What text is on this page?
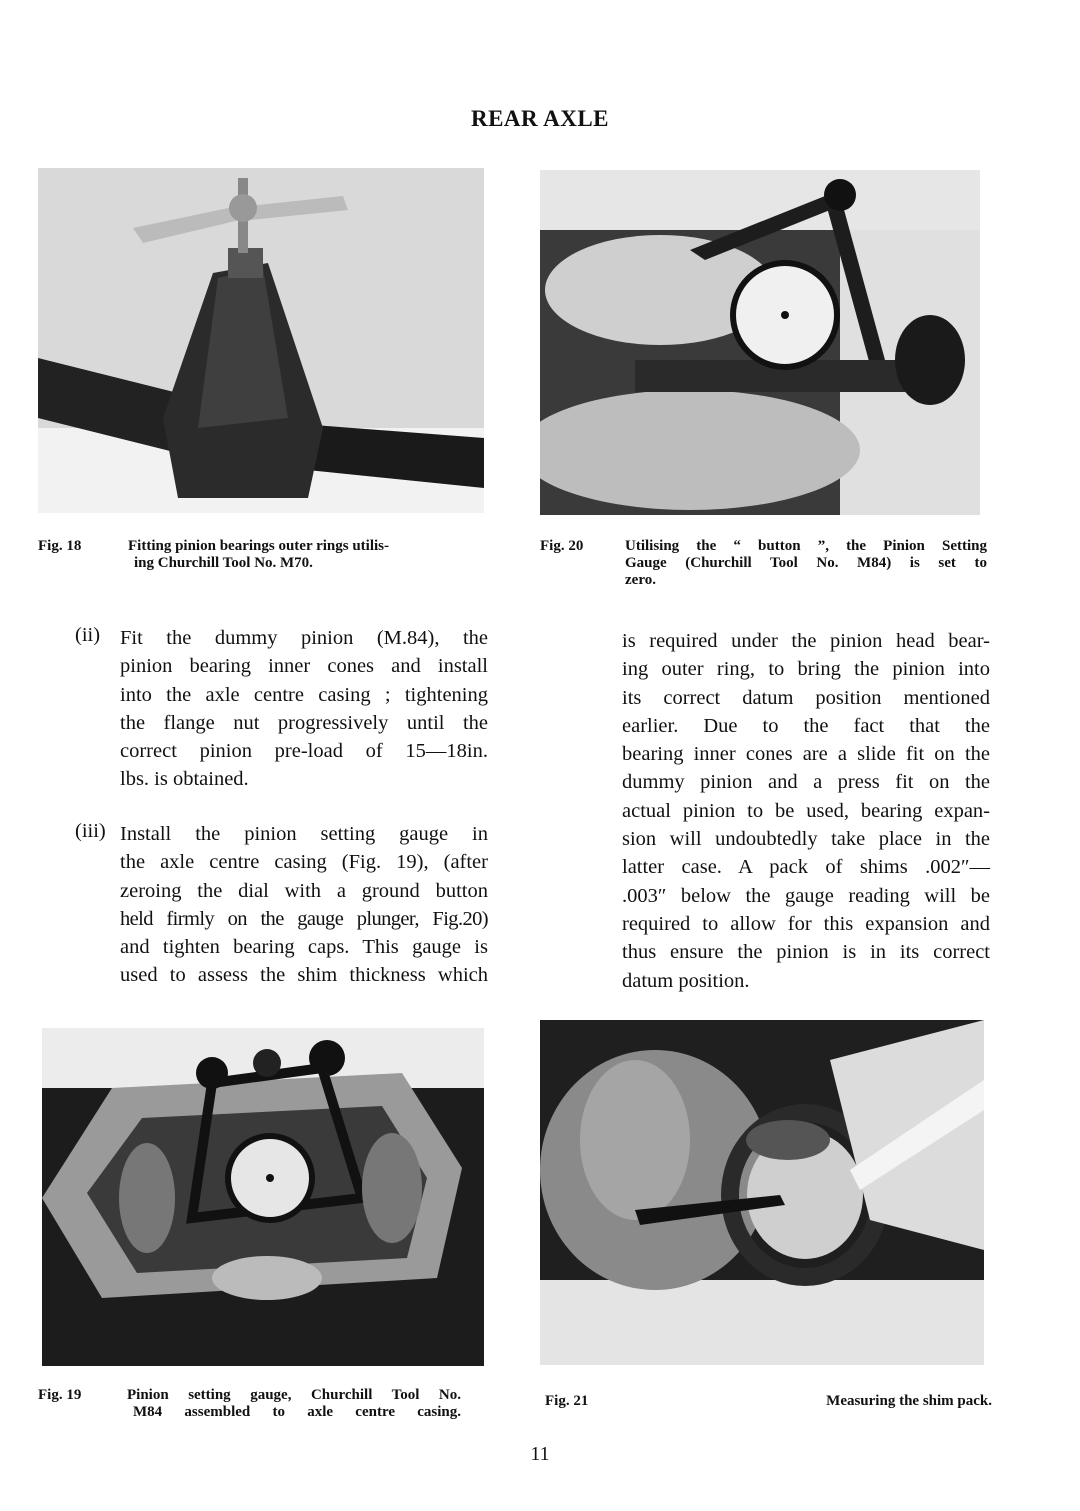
REAR AXLE
Fig. 18	Fitting pinion bearings outer rings utilis-
ing Churchill Tool No. M70.
Fig. 20	Utilising the “ button ”, the Pinion Setting
Gauge (Churchill Tool No. M84) is set to
zero.
(ii) Fit the dummy pinion (M.84), the
pinion bearing inner cones and install
into the axle centre casing ; tightening
the flange nut progressively until the
correct pinion pre-load of 15—18in.
lbs. is obtained.
(iii) Install the pinion setting gauge in
the axle centre casing (Fig. 19), (after
zeroing the dial with a ground button
held firmly on the gauge plunger, Fig.20)
and tighten bearing caps. This gauge is
used to assess the shim thickness which
is required under the pinion head bear-
ing outer ring, to bring the pinion into
its correct datum position mentioned
earlier. Due to the fact that the
bearing inner cones are a slide fit on the
dummy pinion and a press fit on the
actual pinion to be used, bearing expan-
sion will undoubtedly take place in the
latter case. A pack of shims .002″—
.003″ below the gauge reading will be
required to allow for this expansion and
thus ensure the pinion is in its correct
datum position.
Fig. 19	Pinion setting gauge, Churchill Tool No.
M84 assembled to axle centre casing.
Fig. 21	Measuring the shim pack.
11
